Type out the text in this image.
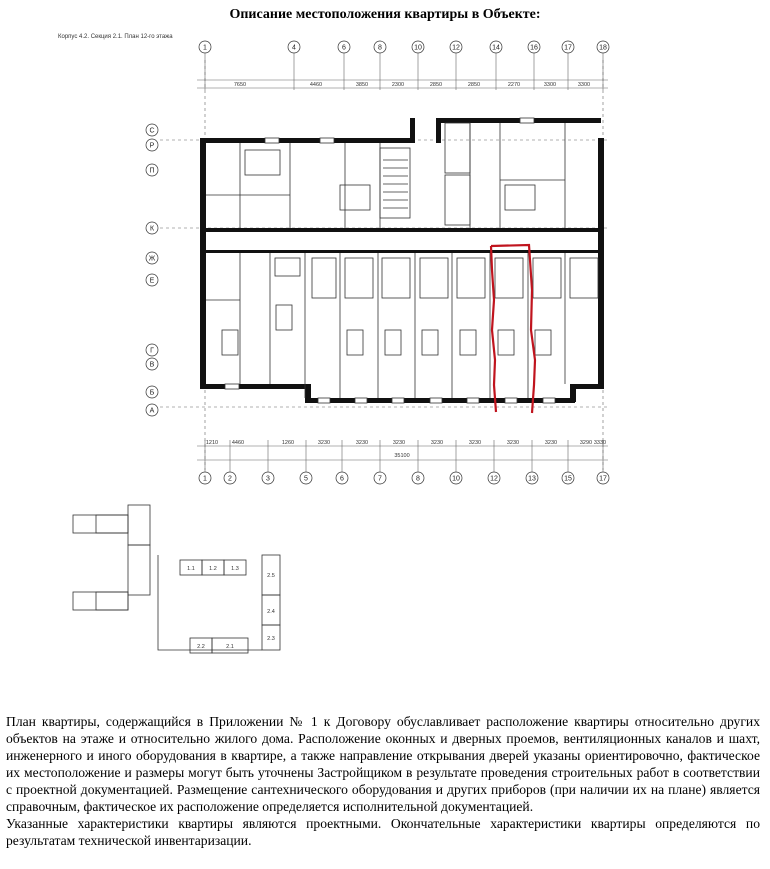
Описание местоположения квартиры в Объекте:
Корпус 4.2. Секция 2.1. План 12-го этажа
1	4	6	8	10	12	14	16	17	18
1	2	3	5	6	7	8	10	12	13	15	17
С
Р
П
К
Ж
Е
Г
В
Б
А
7650	4460	3850	2300	2850	2850	2270	3300	3300
1210	4460	1260	3230	3230	3230	3230	3230	3230	3230	3290 3330
35100
1.1	1.2	1.3
2.5
2.4
2.3
2.2	2.1

План квартиры, содержащийся в Приложении № 1 к Договору обуславливает расположение квартиры относительно других объектов на этаже и относительно жилого дома. Расположение оконных и дверных проемов, вентиляционных каналов и шахт, инженерного и иного оборудования в квартире, а также направление открывания дверей указаны ориентировочно, фактическое их местоположение и размеры могут быть уточнены Застройщиком в результате проведения строительных работ в соответствии с проектной документацией. Размещение сантехнического оборудования и других приборов (при наличии их на плане) является справочным, фактическое их расположение определяется исполнительной документацией.

Указанные характеристики квартиры являются проектными. Окончательные характеристики квартиры определяются по результатам технической инвентаризации.
